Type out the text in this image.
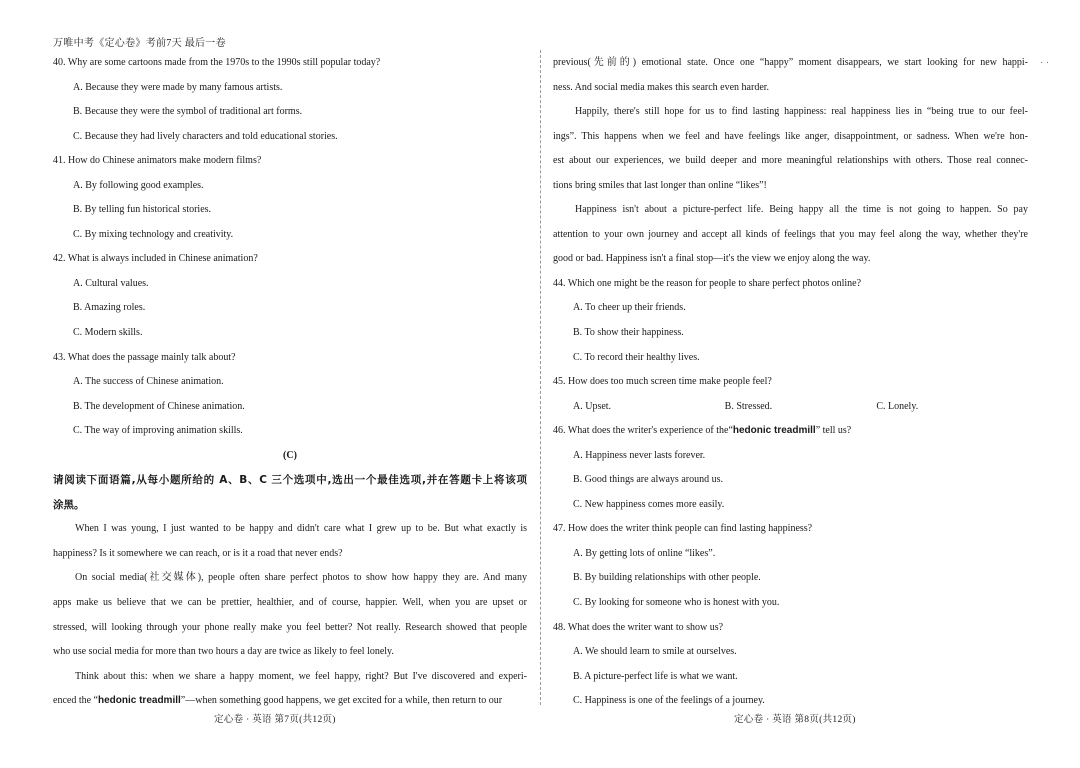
万唯中考《定心卷》考前7天 最后一卷
· ·
40. Why are some cartoons made from the 1970s to the 1990s still popular today?
A. Because they were made by many famous artists.
B. Because they were the symbol of traditional art forms.
C. Because they had lively characters and told educational stories.
41. How do Chinese animators make modern films?
A. By following good examples.
B. By telling fun historical stories.
C. By mixing technology and creativity.
42. What is always included in Chinese animation?
A. Cultural values.
B. Amazing roles.
C. Modern skills.
43. What does the passage mainly talk about?
A. The success of Chinese animation.
B. The development of Chinese animation.
C. The way of improving animation skills.
(C)
请阅读下面语篇,从每小题所给的 A、B、C 三个选项中,选出一个最佳选项,并在答题卡上将该项
涂黑。
When I was young, I just wanted to be happy and didn't care what I grew up to be. But what exactly is
happiness? Is it somewhere we can reach, or is it a road that never ends?
On social media(社交媒体), people often share perfect photos to show how happy they are. And many
apps make us believe that we can be prettier, healthier, and of course, happier. Well, when you are upset or
stressed, will looking through your phone really make you feel better? Not really. Research showed that people
who use social media for more than two hours a day are twice as likely to feel lonely.
Think about this: when we share a happy moment, we feel happy, right? But I've discovered and experi-
enced the “hedonic treadmill”—when something good happens, we get excited for a while, then return to our
previous(先前的) emotional state. Once one “happy” moment disappears, we start looking for new happi-
ness. And social media makes this search even harder.
Happily, there's still hope for us to find lasting happiness: real happiness lies in “being true to our feel-
ings”. This happens when we feel and have feelings like anger, disappointment, or sadness. When we're hon-
est about our experiences, we build deeper and more meaningful relationships with others. Those real connec-
tions bring smiles that last longer than online “likes”!
Happiness isn't about a picture-perfect life. Being happy all the time is not going to happen. So pay
attention to your own journey and accept all kinds of feelings that you may feel along the way, whether they're
good or bad. Happiness isn't a final stop—it's the view we enjoy along the way.
44. Which one might be the reason for people to share perfect photos online?
A. To cheer up their friends.
B. To show their happiness.
C. To record their healthy lives.
45. How does too much screen time make people feel?
A. Upset.	B. Stressed.	C. Lonely.
46. What does the writer's experience of the“hedonic treadmill” tell us?
A. Happiness never lasts forever.
B. Good things are always around us.
C. New happiness comes more easily.
47. How does the writer think people can find lasting happiness?
A. By getting lots of online “likes”.
B. By building relationships with other people.
C. By looking for someone who is honest with you.
48. What does the writer want to show us?
A. We should learn to smile at ourselves.
B. A picture-perfect life is what we want.
C. Happiness is one of the feelings of a journey.
定心卷 · 英语 第7页(共12页)	定心卷 · 英语 第8页(共12页)
